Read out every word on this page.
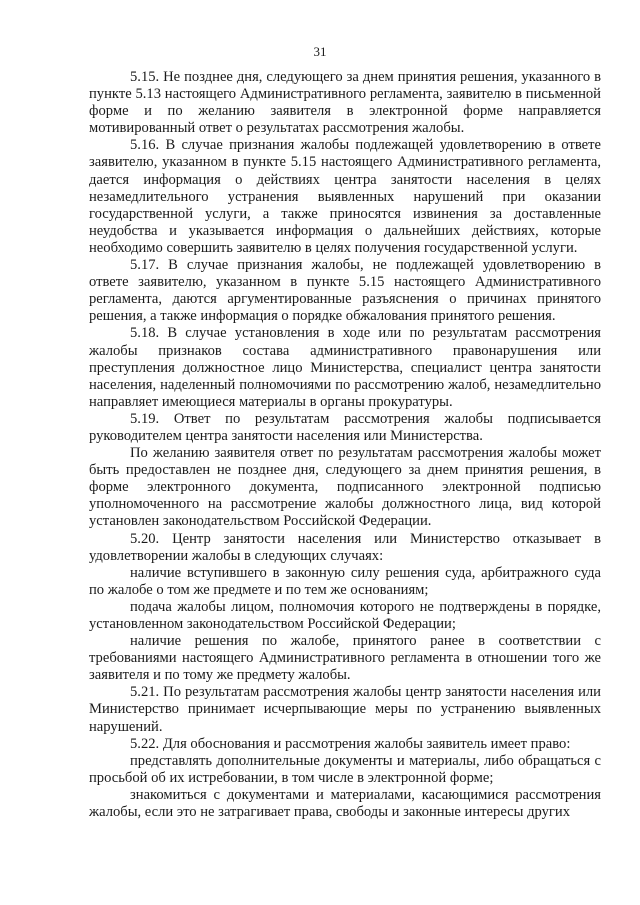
31

5.15. Не позднее дня, следующего за днем принятия решения, указанного в пункте 5.13 настоящего Административного регламента, заявителю в письменной форме и по желанию заявителя в электронной форме направляется мотивированный ответ о результатах рассмотрения жалобы.

5.16. В случае признания жалобы подлежащей удовлетворению в ответе заявителю, указанном в пункте 5.15 настоящего Административного регламента, дается информация о действиях центра занятости населения в целях незамедлительного устранения выявленных нарушений при оказании государственной услуги, а также приносятся извинения за доставленные неудобства и указывается информация о дальнейших действиях, которые необходимо совершить заявителю в целях получения государственной услуги.

5.17. В случае признания жалобы, не подлежащей удовлетворению в ответе заявителю, указанном в пункте 5.15 настоящего Административного регламента, даются аргументированные разъяснения о причинах принятого решения, а также информация о порядке обжалования принятого решения.

5.18. В случае установления в ходе или по результатам рассмотрения жалобы признаков состава административного правонарушения или преступления должностное лицо Министерства, специалист центра занятости населения, наделенный полномочиями по рассмотрению жалоб, незамедлительно направляет имеющиеся материалы в органы прокуратуры.

5.19. Ответ по результатам рассмотрения жалобы подписывается руководителем центра занятости населения или Министерства.

По желанию заявителя ответ по результатам рассмотрения жалобы может быть предоставлен не позднее дня, следующего за днем принятия решения, в форме электронного документа, подписанного электронной подписью уполномоченного на рассмотрение жалобы должностного лица, вид которой установлен законодательством Российской Федерации.

5.20. Центр занятости населения или Министерство отказывает в удовлетворении жалобы в следующих случаях:

наличие вступившего в законную силу решения суда, арбитражного суда по жалобе о том же предмете и по тем же основаниям;

подача жалобы лицом, полномочия которого не подтверждены в порядке, установленном законодательством Российской Федерации;

наличие решения по жалобе, принятого ранее в соответствии с требованиями настоящего Административного регламента в отношении того же заявителя и по тому же предмету жалобы.

5.21. По результатам рассмотрения жалобы центр занятости населения или Министерство принимает исчерпывающие меры по устранению выявленных нарушений.

5.22. Для обоснования и рассмотрения жалобы заявитель имеет право:

представлять дополнительные документы и материалы, либо обращаться с просьбой об их истребовании, в том числе в электронной форме;

знакомиться с документами и материалами, касающимися рассмотрения жалобы, если это не затрагивает права, свободы и законные интересы других
